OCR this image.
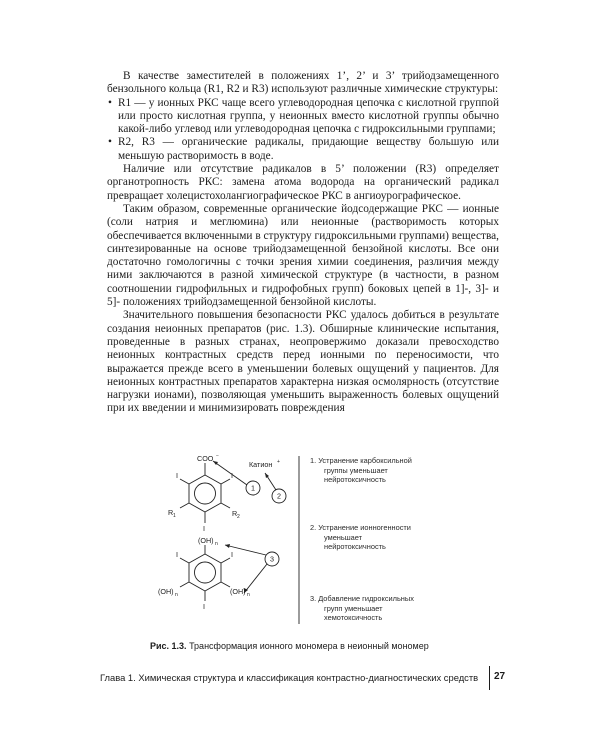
В качестве заместителей в положениях 1’, 2’ и 3’ трийодзамещенного бензольного кольца (R1, R2 и R3) используют различные химические структуры:

• R1 — у ионных РКС чаще всего углеводородная цепочка с кислотной группой или просто кислотная группа, у неионных вместо кислотной группы обычно какой-либо углевод или углеводородная цепочка с гидроксильными группами;
• R2, R3 — органические радикалы, придающие веществу большую или меньшую растворимость в воде.

Наличие или отсутствие радикалов в 5’ положении (R3) определяет органотропность РКС: замена атома водорода на органический радикал превращает холецистохолангиографическое РКС в ангиоурографическое.

Таким образом, современные органические йодсодержащие РКС — ионные (соли натрия и меглюмина) или неионные (растворимость которых обеспечивается включенными в структуру гидроксильными группами) вещества, синтезированные на основе трийодзамещенной бензойной кислоты. Все они достаточно гомологичны с точки зрения химии соединения, различия между ними заключаются в разной химической структуре (в частности, в разном соотношении гидрофильных и гидрофобных групп) боковых цепей в 1]-, 3]- и 5]- положениях трийодзамещенной бензойной кислоты.

Значительного повышения безопасности РКС удалось добиться в результате создания неионных препаратов (рис. 1.3). Обширные клинические испытания, проведенные в разных странах, неопровержимо доказали превосходство неионных контрастных средств перед ионными по переносимости, что выражается прежде всего в уменьшении болевых ощущений у пациентов. Для неионных контрастных препаратов характерна низкая осмолярность (отсутствие нагрузки ионами), позволяющая уменьшить выраженность болевых ощущений при их введении и минимизировать повреждения

COO −
Катион +
I	I
I
R 1	R 2
(OH) n
I	I
I
(OH) n	(OH) n
1
2
3
1. Устранение карбоксильной

группы уменьшает
нейротоксичность
2. Устранение ионногенности

уменьшает
нейротоксичность
3. Добавление гидроксильных

групп уменьшает
хемотоксичность
Рис. 1.3. Трансформация ионного мономера в неионный мономер
Глава 1. Химическая структура и классификация контрастно-диагностических средств	27
